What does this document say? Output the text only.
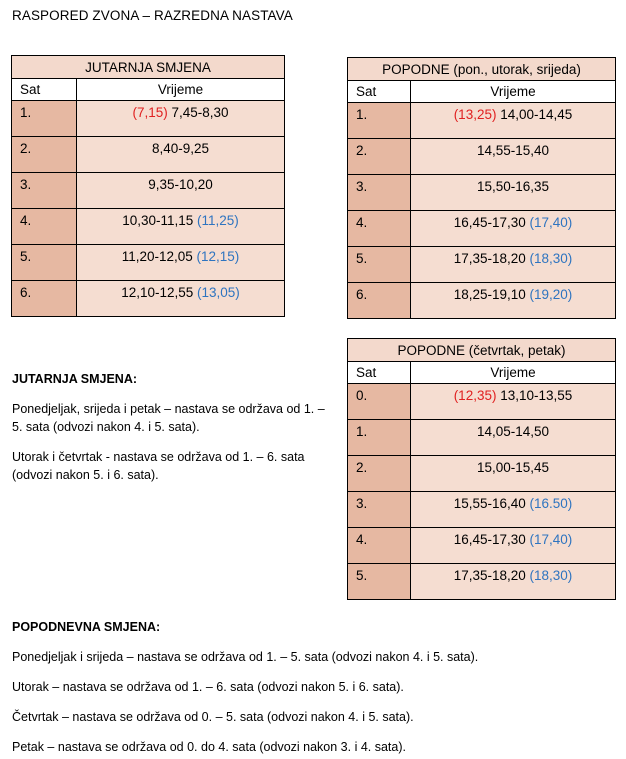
RASPORED ZVONA – RAZREDNA NASTAVA
JUTARNJA SMJENA	
Sat	Vrijeme
1.	(7,15) 7,45-8,30
2.	8,40-9,25
3.	9,35-10,20
4.	10,30-11,15 (11,25)
5.	11,20-12,05 (12,15)
6.	12,10-12,55 (13,05)
POPODNE (pon., utorak, srijeda)	
Sat	Vrijeme
1.	(13,25) 14,00-14,45
2.	14,55-15,40
3.	15,50-16,35
4.	16,45-17,30 (17,40)
5.	17,35-18,20 (18,30)
6.	18,25-19,10 (19,20)
POPODNE (četvrtak, petak)	
Sat	Vrijeme
0.	(12,35) 13,10-13,55
1.	14,05-14,50
2.	15,00-15,45
3.	15,55-16,40 (16.50)
4.	16,45-17,30 (17,40)
5.	17,35-18,20 (18,30)

JUTARNJA SMJENA:

Ponedjeljak, srijeda i petak – nastava se održava od 1. – 5. sata (odvozi nakon 4. i 5. sata).

Utorak i četvrtak - nastava se održava od 1. – 6. sata (odvozi nakon 5. i 6. sata).

POPODNEVNA SMJENA:

Ponedjeljak i srijeda – nastava se održava od 1. – 5. sata (odvozi nakon 4. i 5. sata).

Utorak – nastava se održava od 1. – 6. sata (odvozi nakon 5. i 6. sata).

Četvrtak – nastava se održava od 0. – 5. sata (odvozi nakon 4. i 5. sata).

Petak – nastava se održava od 0. do 4. sata (odvozi nakon 3. i 4. sata).
